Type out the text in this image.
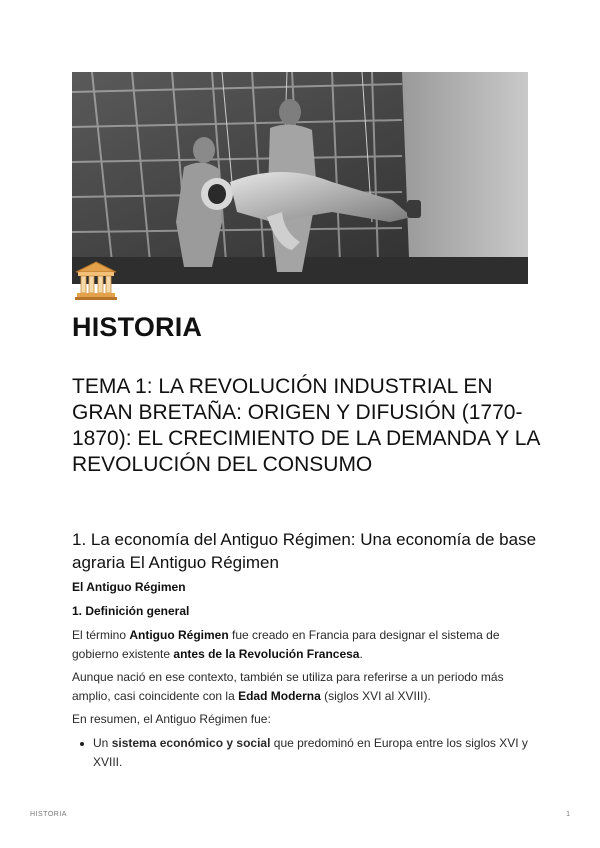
HISTORIA
TEMA 1: LA REVOLUCIÓN INDUSTRIAL EN GRAN BRETAÑA: ORIGEN Y DIFUSIÓN (1770-1870): EL CRECIMIENTO DE LA DEMANDA Y LA REVOLUCIÓN DEL CONSUMO
1. La economía del Antiguo Régimen: Una economía de base agraria El Antiguo Régimen
El Antiguo Régimen
1. Definición general

El término Antiguo Régimen fue creado en Francia para designar el sistema de gobierno existente antes de la Revolución Francesa.

Aunque nació en ese contexto, también se utiliza para referirse a un periodo más amplio, casi coincidente con la Edad Moderna (siglos XVI al XVIII).

En resumen, el Antiguo Régimen fue:

Un sistema económico y social que predominó en Europa entre los siglos XVI y XVIII.
HISTORIA	1
